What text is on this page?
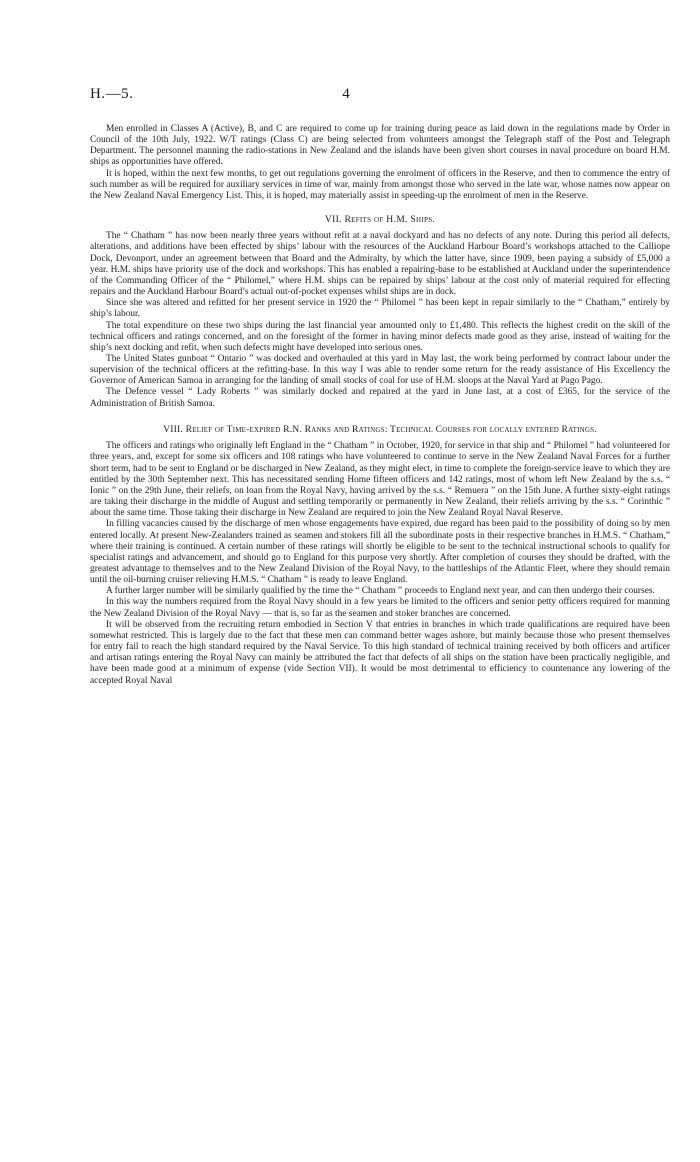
H.—5.	4

Men enrolled in Classes A (Active), B, and C are required to come up for training during peace as laid down in the regulations made by Order in Council of the 10th July, 1922. W/T ratings (Class C) are being selected from volunteers amongst the Telegraph staff of the Post and Telegraph Department. The personnel manning the radio-stations in New Zealand and the islands have been given short courses in naval procedure on board H.M. ships as opportunities have offered.

It is hoped, within the next few months, to get out regulations governing the enrolment of officers in the Reserve, and then to commence the entry of such number as will be required for auxiliary services in time of war, mainly from amongst those who served in the late war, whose names now appear on the New Zealand Naval Emergency List. This, it is hoped, may materially assist in speeding-up the enrolment of men in the Reserve.

VII. Refits of H.M. Ships.

The “ Chatham ” has now been nearly three years without refit at a naval dockyard and has no defects of any note. During this period all defects, alterations, and additions have been effected by ships’ labour with the resources of the Auckland Harbour Board’s workshops attached to the Calliope Dock, Devonport, under an agreement between that Board and the Admiralty, by which the latter have, since 1909, been paying a subsidy of £5,000 a year. H.M. ships have priority use of the dock and workshops. This has enabled a repairing-base to be established at Auckland under the superintendence of the Commanding Officer of the “ Philomel,” where H.M. ships can be repaired by ships’ labour at the cost only of material required for effecting repairs and the Auckland Harbour Board’s actual out-of-pocket expenses whilst ships are in dock.

Since she was altered and refitted for her present service in 1920 the “ Philomel ” has been kept in repair similarly to the “ Chatham,” entirely by ship’s labour.

The total expenditure on these two ships during the last financial year amounted only to £1,480. This reflects the highest credit on the skill of the technical officers and ratings concerned, and on the foresight of the former in having minor defects made good as they arise, instead of waiting for the ship’s next docking and refit, when such defects might have developed into serious ones.

The United States gunboat “ Ontario ” was docked and overhauled at this yard in May last, the work being performed by contract labour under the supervision of the technical officers at the refitting-base. In this way I was able to render some return for the ready assistance of His Excellency the Governor of American Samoa in arranging for the landing of small stocks of coal for use of H.M. sloops at the Naval Yard at Pago Pago.

The Defence vessel “ Lady Roberts ” was similarly docked and repaired at the yard in June last, at a cost of £365, for the service of the Administration of British Samoa.

VIII. Relief of Time-expired R.N. Ranks and Ratings: Technical Courses for locally entered Ratings.

The officers and ratings who originally left England in the “ Chatham ” in October, 1920, for service in that ship and “ Philomel ” had volunteered for three years, and, except for some six officers and 108 ratings who have volunteered to continue to serve in the New Zealand Naval Forces for a further short term, had to be sent to England or be discharged in New Zealand, as they might elect, in time to complete the foreign-service leave to which they are entitled by the 30th September next. This has necessitated sending Home fifteen officers and 142 ratings, most of whom left New Zealand by the s.s. “ Ionic ” on the 29th June, their reliefs, on loan from the Royal Navy, having arrived by the s.s. “ Remuera ” on the 15th June. A further sixty-eight ratings are taking their discharge in the middle of August and settling temporarily or permanently in New Zealand, their reliefs arriving by the s.s. “ Corinthic ” about the same time. Those taking their discharge in New Zealand are required to join the New Zealand Royal Naval Reserve.

In filling vacancies caused by the discharge of men whose engagements have expired, due regard has been paid to the possibility of doing so by men entered locally. At present New-Zealanders trained as seamen and stokers fill all the subordinate posts in their respective branches in H.M.S. “ Chatham,” where their training is continued. A certain number of these ratings will shortly be eligible to be sent to the technical instructional schools to qualify for specialist ratings and advancement, and should go to England for this purpose very shortly. After completion of courses they should be drafted, with the greatest advantage to themselves and to the New Zealand Division of the Royal Navy, to the battleships of the Atlantic Fleet, where they should remain until the oil-burning cruiser relieving H.M.S. “ Chatham ” is ready to leave England.

A further larger number will be similarly qualified by the time the “ Chatham ” proceeds to England next year, and can then undergo their courses.

In this way the numbers required from the Royal Navy should in a few years be limited to the officers and senior petty officers required for manning the New Zealand Division of the Royal Navy — that is, so far as the seamen and stoker branches are concerned.

It will be observed from the recruiting return embodied in Section V that entries in branches in which trade qualifications are required have been somewhat restricted. This is largely due to the fact that these men can command better wages ashore, but mainly because those who present themselves for entry fail to reach the high standard required by the Naval Service. To this high standard of technical training received by both officers and artificer and artisan ratings entering the Royal Navy can mainly be attributed the fact that defects of all ships on the station have been practically negligible, and have been made good at a minimum of expense (vide Section VII). It would be most detrimental to efficiency to countenance any lowering of the accepted Royal Naval
